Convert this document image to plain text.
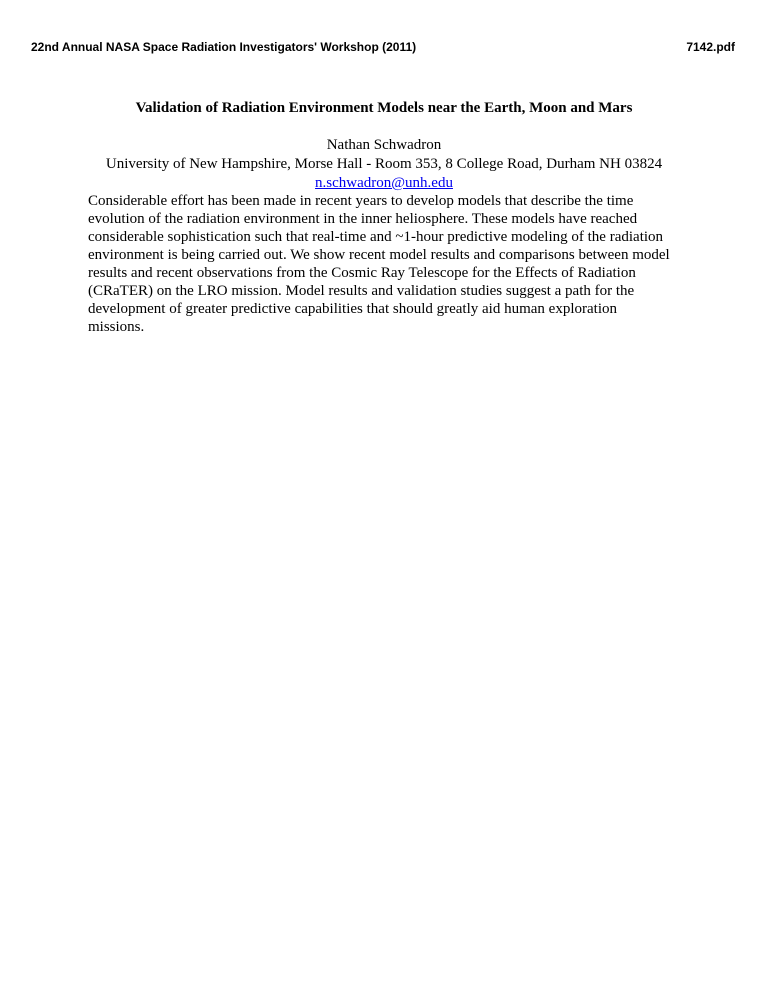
22nd Annual NASA Space Radiation Investigators' Workshop (2011)	7142.pdf
Validation of Radiation Environment Models near the Earth, Moon and Mars
Nathan Schwadron
University of New Hampshire, Morse Hall - Room 353, 8 College Road, Durham NH 03824
n.schwadron@unh.edu
Considerable effort has been made in recent years to develop models that describe the time
evolution of the radiation environment in the inner heliosphere. These models have reached
considerable sophistication such that real-time and ~1-hour predictive modeling of the radiation
environment is being carried out. We show recent model results and comparisons between model
results and recent observations from the Cosmic Ray Telescope for the Effects of Radiation
(CRaTER) on the LRO mission. Model results and validation studies suggest a path for the
development of greater predictive capabilities that should greatly aid human exploration
missions.
